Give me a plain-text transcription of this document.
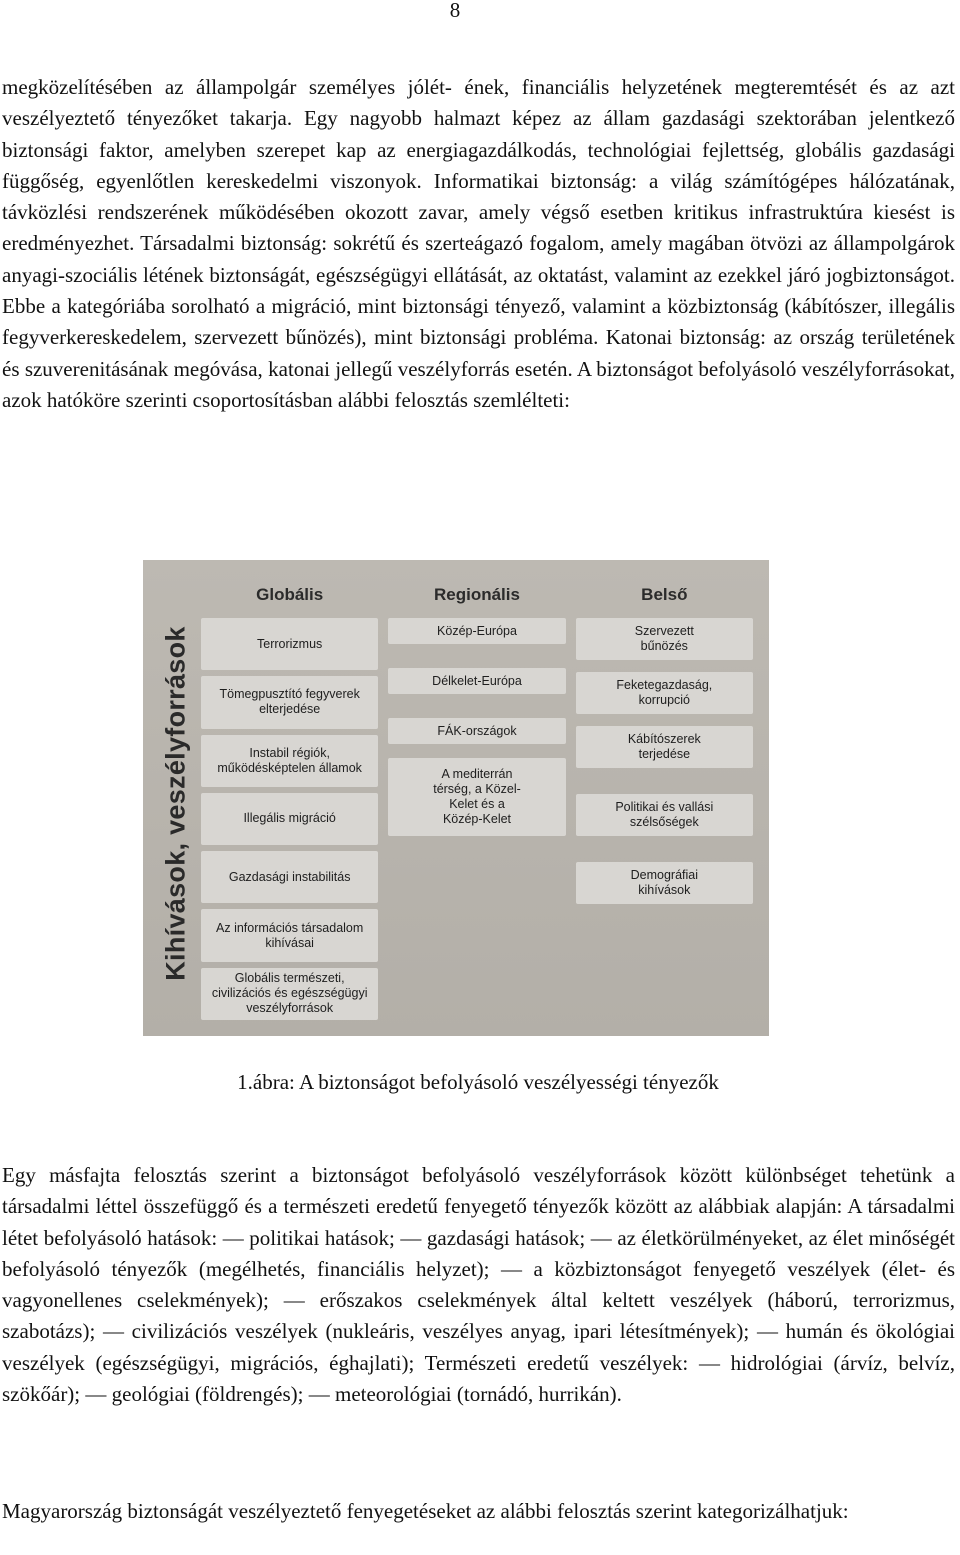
8

megközelítésében az állampolgár személyes jólét- ének, financiális helyzetének megteremtését és az azt veszélyeztető tényezőket takarja. Egy nagyobb halmazt képez az állam gazdasági szektorában jelentkező biztonsági faktor, amelyben szerepet kap az energiagazdálkodás, technológiai fejlettség, globális gazdasági függőség, egyenlőtlen kereskedelmi viszonyok. Informatikai biztonság: a világ számítógépes hálózatának, távközlési rendszerének működésében okozott zavar, amely végső esetben kritikus infrastruktúra kiesést is eredményezhet. Társadalmi biztonság: sokrétű és szerteágazó fogalom, amely magában ötvözi az állampolgárok anyagi-szociális létének biztonságát, egészségügyi ellátását, az oktatást, valamint az ezekkel járó jogbiztonságot. Ebbe a kategóriába sorolható a migráció, mint biztonsági tényező, valamint a közbiztonság (kábítószer, illegális fegyverkereskedelem, szervezett bűnözés), mint biztonsági probléma. Katonai biztonság: az ország területének és szuverenitásának megóvása, katonai jellegű veszélyforrás esetén. A biztonságot befolyásoló veszélyforrásokat, azok hatóköre szerinti csoportosításban alábbi felosztás szemlélteti:

Kihívások, veszélyforrások
Globális
Terrorizmus
Tömegpusztító fegyverek
elterjedése
Instabil régiók,
működésképtelen államok
Illegális migráció
Gazdasági instabilitás
Az információs társadalom
kihívásai
Globális természeti,
civilizációs és egészségügyi
veszélyforrások
Regionális
Közép-Európa
Délkelet-Európa
FÁK-országok
A mediterrán
térség, a Közel-
Kelet és a
Közép-Kelet
Belső
Szervezett
bűnözés
Feketegazdaság,
korrupció
Kábítószerek
terjedése
Politikai és vallási
szélsőségek
Demográfiai
kihívások

1.ábra: A biztonságot befolyásoló veszélyességi tényezők

Egy másfajta felosztás szerint a biztonságot befolyásoló veszélyforrások között különbséget tehetünk a társadalmi léttel összefüggő és a természeti eredetű fenyegető tényezők között az alábbiak alapján: A társadalmi létet befolyásoló hatások: ― politikai hatások; ― gazdasági hatások; ― az életkörülményeket, az élet minőségét befolyásoló tényezők (megélhetés, financiális helyzet); ― a közbiztonságot fenyegető veszélyek (élet- és vagyonellenes cselekmények); ― erőszakos cselekmények által keltett veszélyek (háború, terrorizmus, szabotázs); ― civilizációs veszélyek (nukleáris, veszélyes anyag, ipari létesítmények); ― humán és ökológiai veszélyek (egészségügyi, migrációs, éghajlati); Természeti eredetű veszélyek: ― hidrológiai (árvíz, belvíz, szökőár); ― geológiai (földrengés); ― meteorológiai (tornádó, hurrikán).

Magyarország biztonságát veszélyeztető fenyegetéseket az alábbi felosztás szerint kategorizálhatjuk:
